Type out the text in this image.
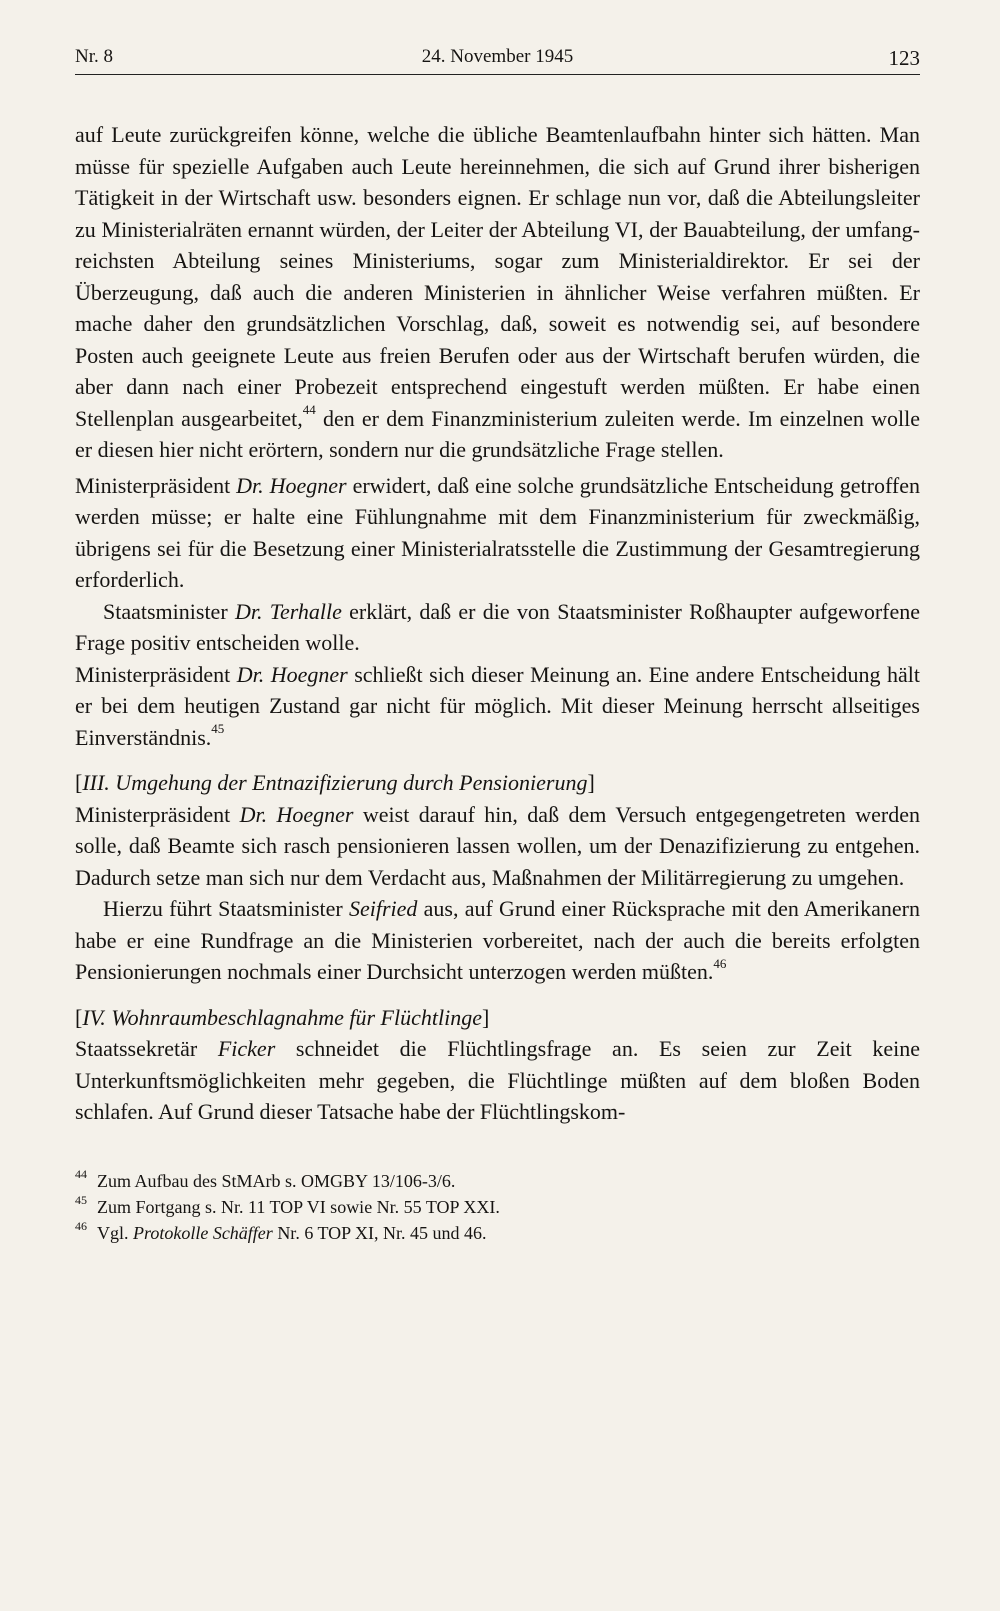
Nr. 8	24. November 1945	123

auf Leute zurückgreifen könne, welche die übliche Beamtenlaufbahn hinter sich hätten. Man müsse für spezielle Aufgaben auch Leute hereinnehmen, die sich auf Grund ihrer bisherigen Tätigkeit in der Wirtschaft usw. besonders eignen. Er schlage nun vor, daß die Abteilungsleiter zu Ministerialräten ernannt würden, der Leiter der Abteilung VI, der Bauabteilung, der umfangreichsten Abteilung seines Ministeriums, sogar zum Ministerialdirektor. Er sei der Überzeugung, daß auch die anderen Ministerien in ähnlicher Weise verfahren müßten. Er mache daher den grundsätzlichen Vorschlag, daß, soweit es notwendig sei, auf besondere Posten auch geeignete Leute aus freien Berufen oder aus der Wirtschaft berufen würden, die aber dann nach einer Probezeit entsprechend eingestuft werden müßten. Er habe einen Stellenplan ausgearbeitet,$^{44}$ den er dem Finanzministerium zuleiten werde. Im einzelnen wolle er diesen hier nicht erörtern, sondern nur die grundsätzliche Frage stellen.

Ministerpräsident Dr. Hoegner erwidert, daß eine solche grundsätzliche Entscheidung getroffen werden müsse; er halte eine Fühlungnahme mit dem Finanzministerium für zweckmäßig, übrigens sei für die Besetzung einer Ministerialratsstelle die Zustimmung der Gesamtregierung erforderlich.

Staatsminister Dr. Terhalle erklärt, daß er die von Staatsminister Roßhaupter aufgeworfene Frage positiv entscheiden wolle.

Ministerpräsident Dr. Hoegner schließt sich dieser Meinung an. Eine andere Entscheidung hält er bei dem heutigen Zustand gar nicht für möglich. Mit dieser Meinung herrscht allseitiges Einverständnis.$^{45}$

[III. Umgehung der Entnazifizierung durch Pensionierung]

Ministerpräsident Dr. Hoegner weist darauf hin, daß dem Versuch entgegengetreten werden solle, daß Beamte sich rasch pensionieren lassen wollen, um der Denazifizierung zu entgehen. Dadurch setze man sich nur dem Verdacht aus, Maßnahmen der Militärregierung zu umgehen.

Hierzu führt Staatsminister Seifried aus, auf Grund einer Rücksprache mit den Amerikanern habe er eine Rundfrage an die Ministerien vorbereitet, nach der auch die bereits erfolgten Pensionierungen nochmals einer Durchsicht unterzogen werden müßten.$^{46}$

[IV. Wohnraumbeschlagnahme für Flüchtlinge]

Staatssekretär Ficker schneidet die Flüchtlingsfrage an. Es seien zur Zeit keine Unterkunftsmöglichkeiten mehr gegeben, die Flüchtlinge müßten auf dem bloßen Boden schlafen. Auf Grund dieser Tatsache habe der Flüchtlingskom-

44 Zum Aufbau des StMArb s. OMGBY 13/106-3/6.
45 Zum Fortgang s. Nr. 11 TOP VI sowie Nr. 55 TOP XXI.
46 Vgl. Protokolle Schäffer Nr. 6 TOP XI, Nr. 45 und 46.
